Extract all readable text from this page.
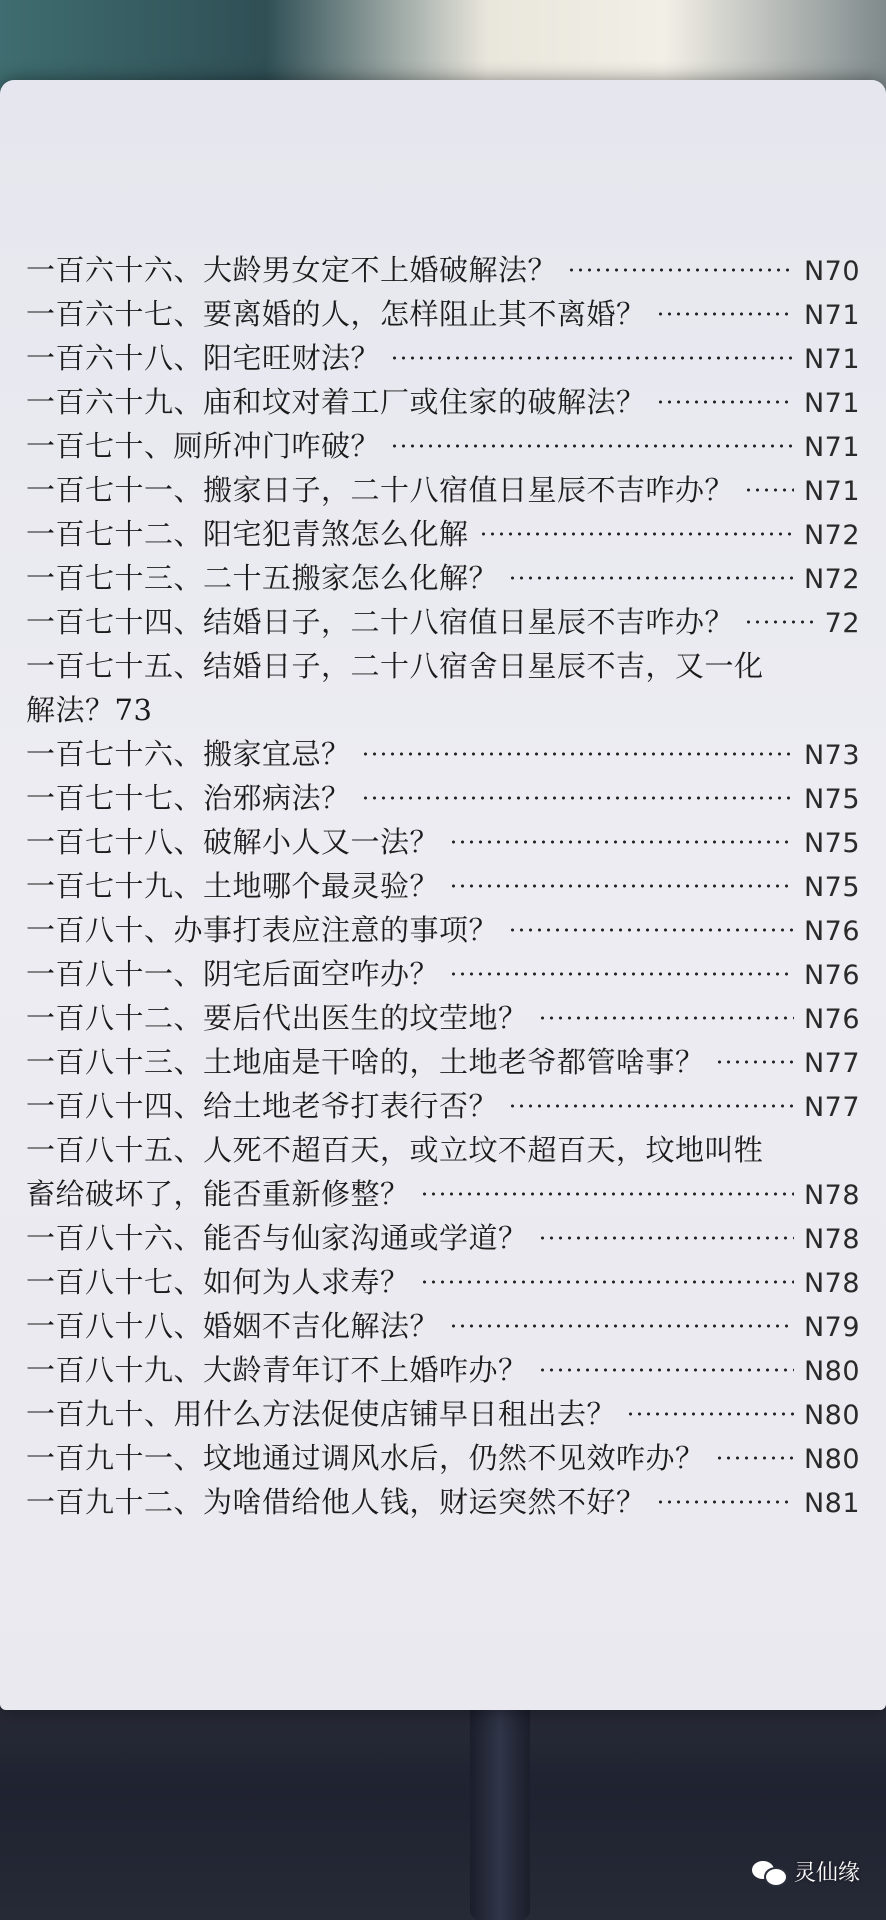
一百六十六、大龄男女定不上婚破解法？	N70
一百六十七、要离婚的人，怎样阻止其不离婚？	N71
一百六十八、阳宅旺财法？	N71
一百六十九、庙和坟对着工厂或住家的破解法？	N71
一百七十、厕所冲门咋破？	N71
一百七十一、搬家日子，二十八宿值日星辰不吉咋办？	N71
一百七十二、阳宅犯青煞怎么化解	N72
一百七十三、二十五搬家怎么化解？	N72
一百七十四、结婚日子，二十八宿值日星辰不吉咋办？	72
一百七十五、结婚日子，二十八宿舍日星辰不吉，又一化
解法？73
一百七十六、搬家宜忌？	N73
一百七十七、治邪病法？	N75
一百七十八、破解小人又一法？	N75
一百七十九、土地哪个最灵验？	N75
一百八十、办事打表应注意的事项？	N76
一百八十一、阴宅后面空咋办？	N76
一百八十二、要后代出医生的坟茔地？	N76
一百八十三、土地庙是干啥的，土地老爷都管啥事？	N77
一百八十四、给土地老爷打表行否？	N77
一百八十五、人死不超百天，或立坟不超百天，坟地叫牲
畜给破坏了，能否重新修整？	N78
一百八十六、能否与仙家沟通或学道？	N78
一百八十七、如何为人求寿？	N78
一百八十八、婚姻不吉化解法？	N79
一百八十九、大龄青年订不上婚咋办？	N80
一百九十、用什么方法促使店铺早日租出去？	N80
一百九十一、坟地通过调风水后，仍然不见效咋办？	N80
一百九十二、为啥借给他人钱，财运突然不好？	N81
灵仙缘
